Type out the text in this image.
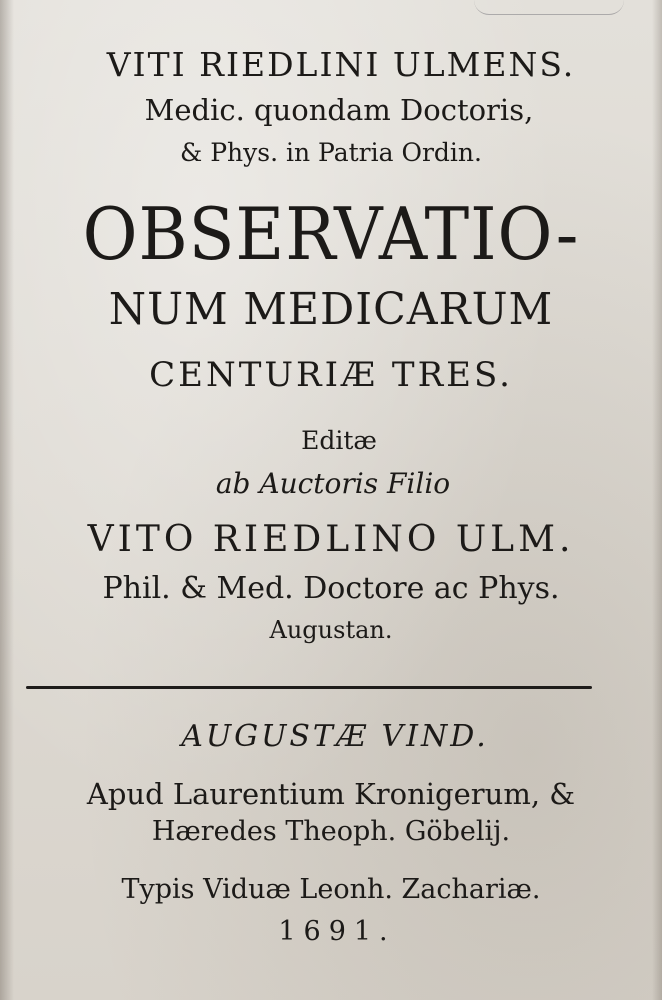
VITI RIEDLINI ULMENS.
Medic. quondam Doctoris,
& Phys. in Patria Ordin.
OBSERVATIO-
NUM MEDICARUM
CENTURIÆ TRES.
Editæ
ab Auctoris Filio
VITO RIEDLINO ULM.
Phil. & Med. Doctore ac Phys.
Augustan.
AUGUSTÆ VIND.
Apud Laurentium Kronigerum, &
Hæredes Theoph. Göbelij.
Typis Viduæ Leonh. Zachariæ.
1691.
